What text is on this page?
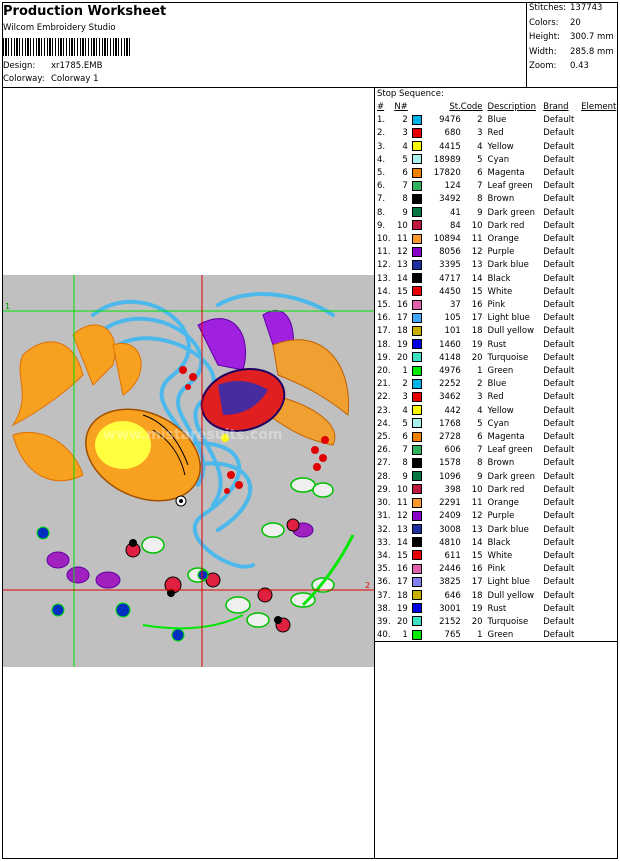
Production Worksheet
Wilcom Embroidery Studio
Design: xr1785.EMB
Colorway: Colorway 1
Stitches: 137743
Colors: 20
Height: 300.7 mm
Width: 285.8 mm
Zoom: 0.43
www.mistaresuits.com
1
2
Stop Sequence:
#	N#		St.	Code	Description	Brand	Element
1.	2		9476	2	Blue	Default	
2.	3		680	3	Red	Default	
3.	4		4415	4	Yellow	Default	
4.	5		18989	5	Cyan	Default	
5.	6		17820	6	Magenta	Default	
6.	7		124	7	Leaf green	Default	
7.	8		3492	8	Brown	Default	
8.	9		41	9	Dark green	Default	
9.	10		84	10	Dark red	Default	
10.	11		10894	11	Orange	Default	
11.	12		8056	12	Purple	Default	
12.	13		3395	13	Dark blue	Default	
13.	14		4717	14	Black	Default	
14.	15		4450	15	White	Default	
15.	16		37	16	Pink	Default	
16.	17		105	17	Light blue	Default	
17.	18		101	18	Dull yellow	Default	
18.	19		1460	19	Rust	Default	
19.	20		4148	20	Turquoise	Default	
20.	1		4976	1	Green	Default	
21.	2		2252	2	Blue	Default	
22.	3		3462	3	Red	Default	
23.	4		442	4	Yellow	Default	
24.	5		1768	5	Cyan	Default	
25.	6		2728	6	Magenta	Default	
26.	7		606	7	Leaf green	Default	
27.	8		1578	8	Brown	Default	
28.	9		1096	9	Dark green	Default	
29.	10		398	10	Dark red	Default	
30.	11		2291	11	Orange	Default	
31.	12		2409	12	Purple	Default	
32.	13		3008	13	Dark blue	Default	
33.	14		4810	14	Black	Default	
34.	15		611	15	White	Default	
35.	16		2446	16	Pink	Default	
36.	17		3825	17	Light blue	Default	
37.	18		646	18	Dull yellow	Default	
38.	19		3001	19	Rust	Default	
39.	20		2152	20	Turquoise	Default	
40.	1		765	1	Green	Default	
